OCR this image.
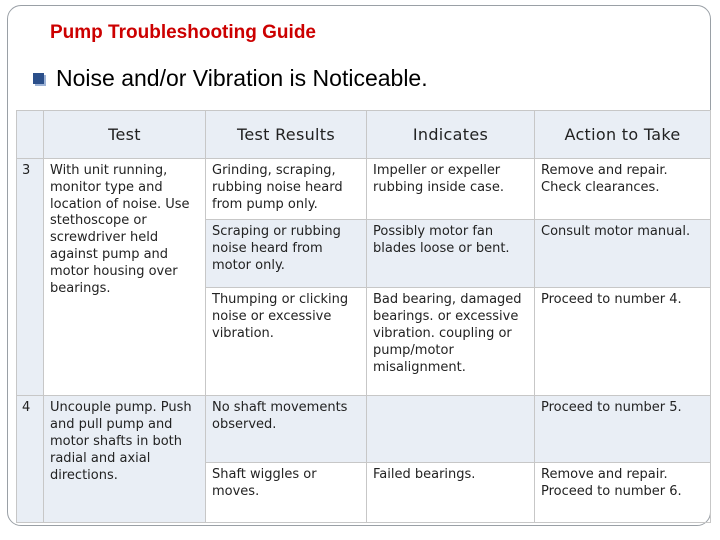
Pump Troubleshooting Guide
Noise and/or Vibration is Noticeable.
	Test	Test Results	Indicates	Action to Take
3	With unit running, monitor type and location of noise. Use stethoscope or screwdriver held against pump and motor housing over bearings.	Grinding, scraping, rubbing noise heard from pump only.	Impeller or expeller rubbing inside case.	Remove and repair. Check clearances.
		Scraping or rubbing noise heard from motor only.	Possibly motor fan blades loose or bent.	Consult motor manual.
		Thumping or clicking noise or excessive vibration.	Bad bearing, damaged bearings. or excessive vibration. coupling or pump/motor misalignment.	Proceed to number 4.
4	Uncouple pump. Push and pull pump and motor shafts in both radial and axial directions.	No shaft movements observed.		Proceed to number 5.
		Shaft wiggles or moves.	Failed bearings.	Remove and repair. Proceed to number 6.
